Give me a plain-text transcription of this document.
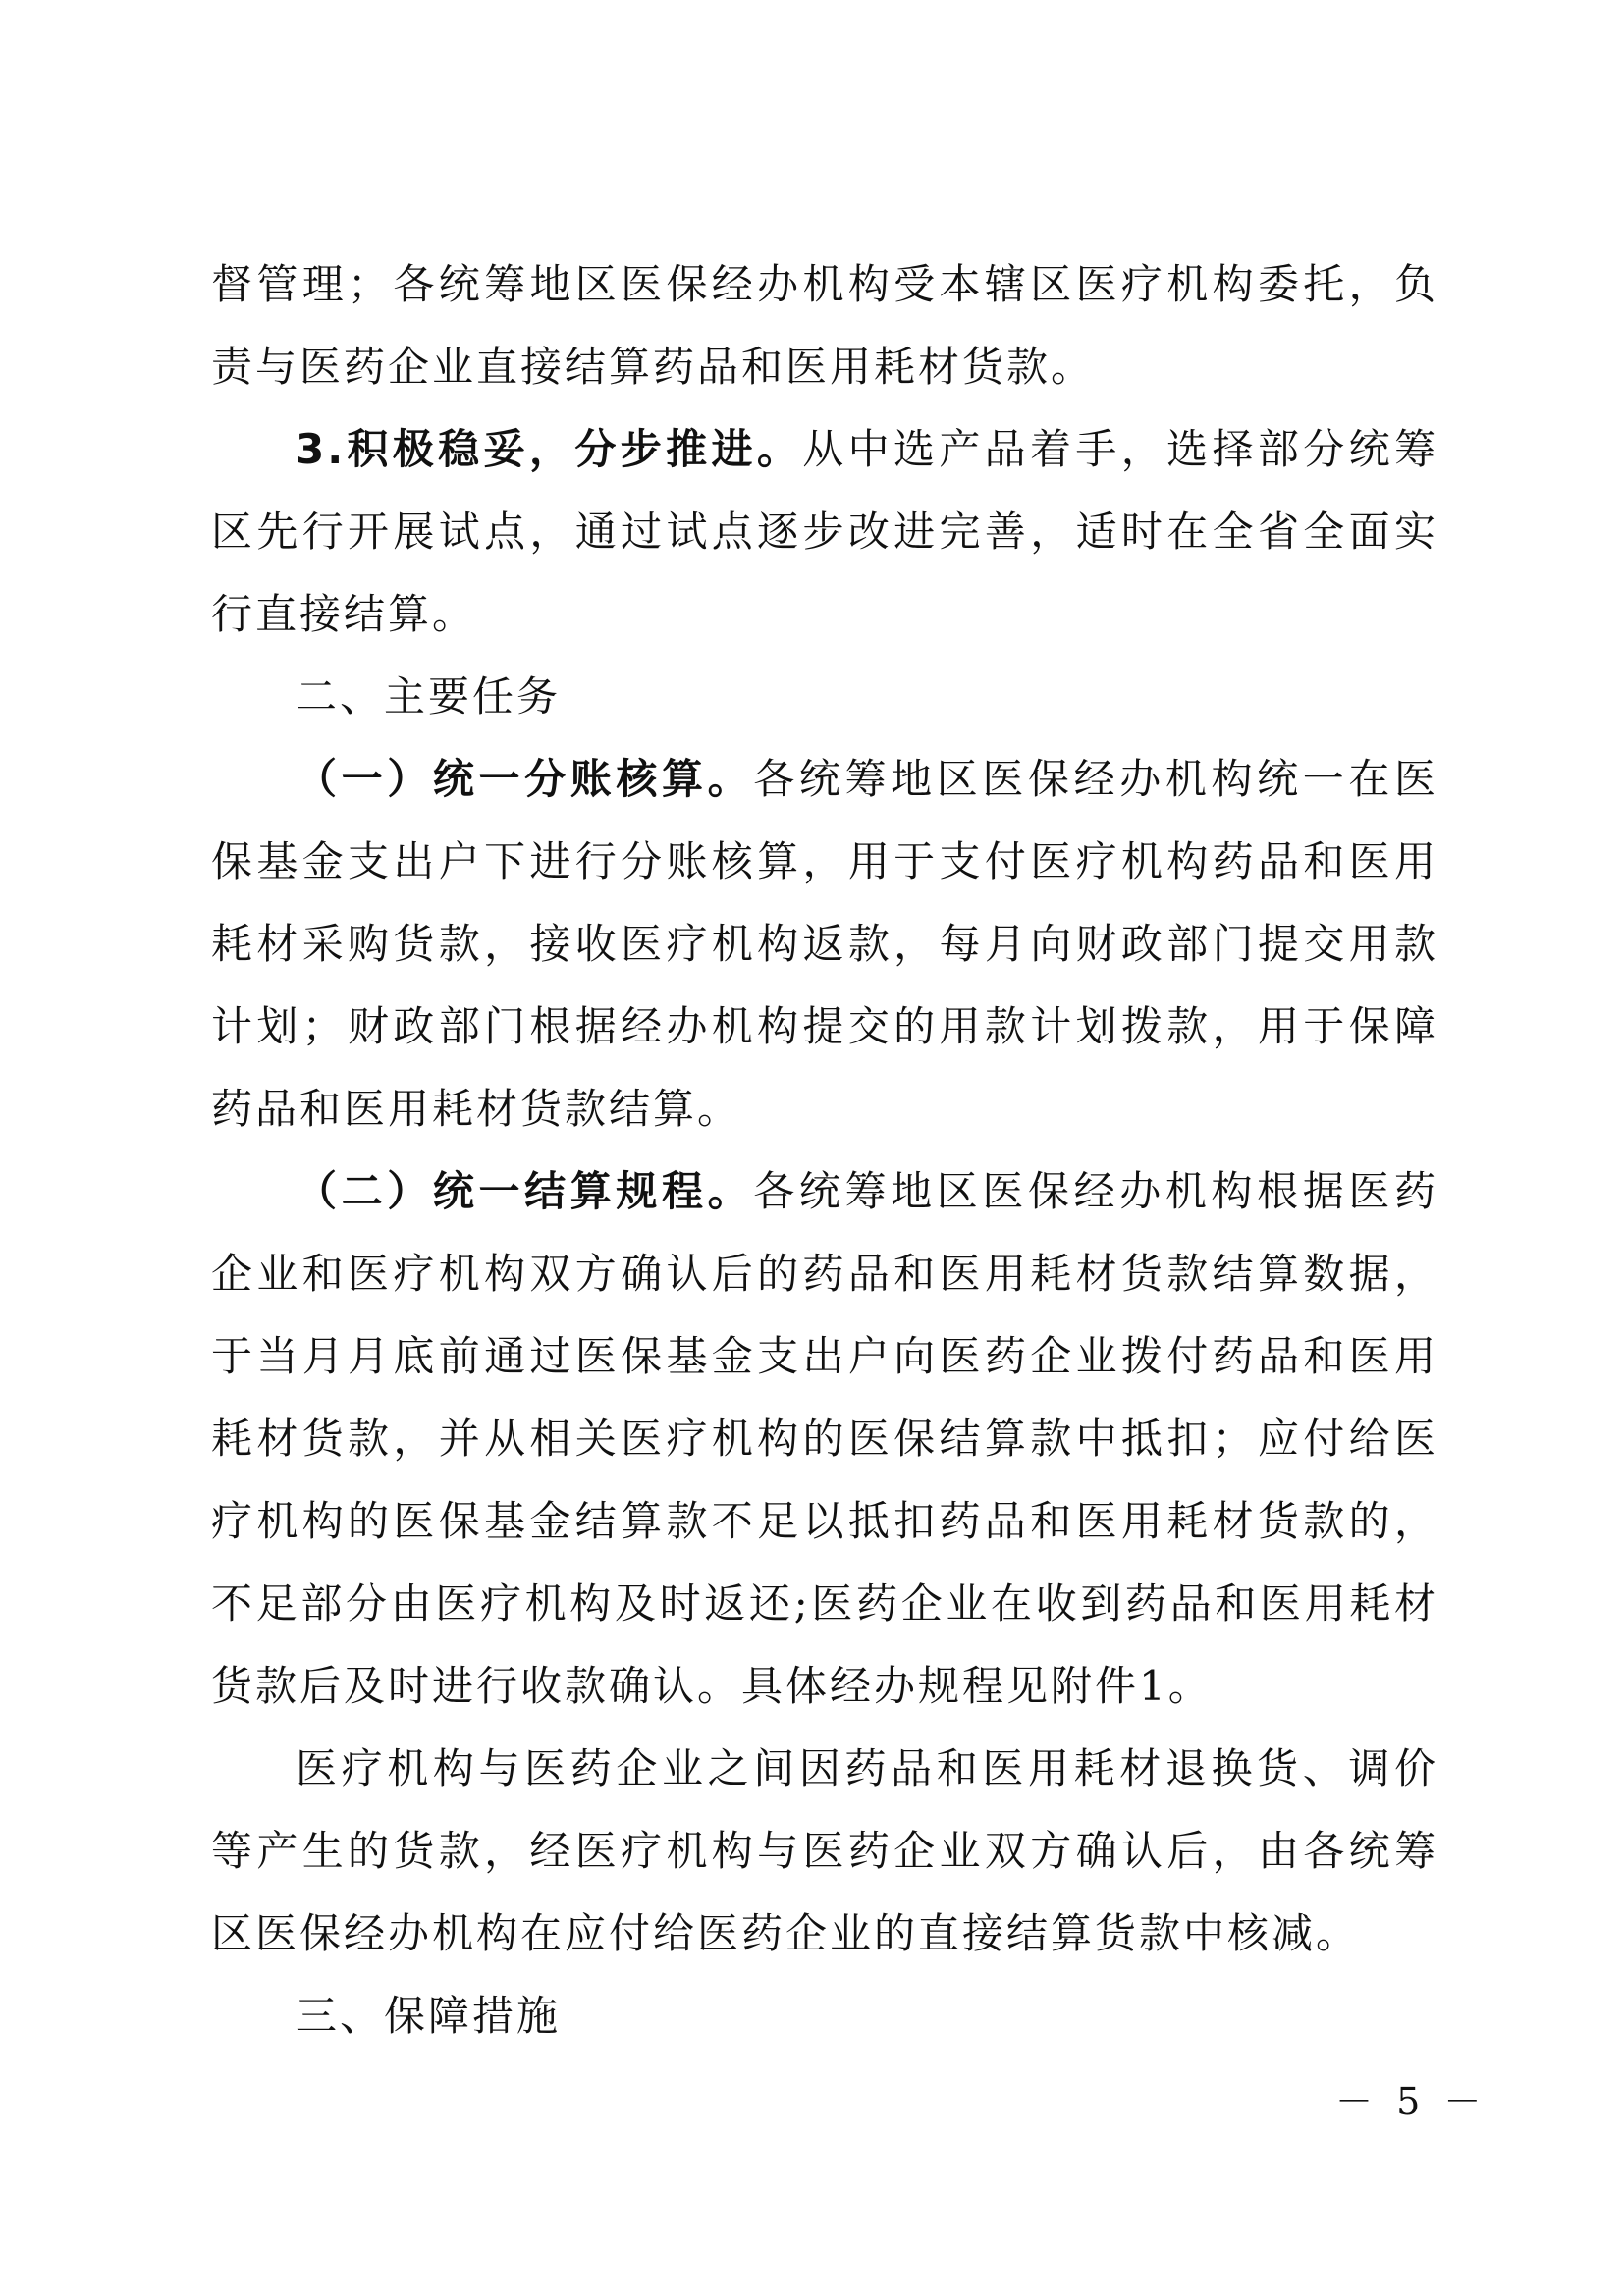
督管理；各统筹地区医保经办机构受本辖区医疗机构委托，负责与医药企业直接结算药品和医用耗材货款。

3.积极稳妥，分步推进。从中选产品着手，选择部分统筹区先行开展试点，通过试点逐步改进完善，适时在全省全面实行直接结算。

二、主要任务

（一）统一分账核算。各统筹地区医保经办机构统一在医保基金支出户下进行分账核算，用于支付医疗机构药品和医用耗材采购货款，接收医疗机构返款，每月向财政部门提交用款计划；财政部门根据经办机构提交的用款计划拨款，用于保障药品和医用耗材货款结算。

（二）统一结算规程。各统筹地区医保经办机构根据医药企业和医疗机构双方确认后的药品和医用耗材货款结算数据，于当月月底前通过医保基金支出户向医药企业拨付药品和医用耗材货款，并从相关医疗机构的医保结算款中抵扣；应付给医疗机构的医保基金结算款不足以抵扣药品和医用耗材货款的，不足部分由医疗机构及时返还;医药企业在收到药品和医用耗材货款后及时进行收款确认。具体经办规程见附件1。

医疗机构与医药企业之间因药品和医用耗材退换货、调价等产生的货款，经医疗机构与医药企业双方确认后，由各统筹区医保经办机构在应付给医药企业的直接结算货款中核减。

三、保障措施

－ 5 －
